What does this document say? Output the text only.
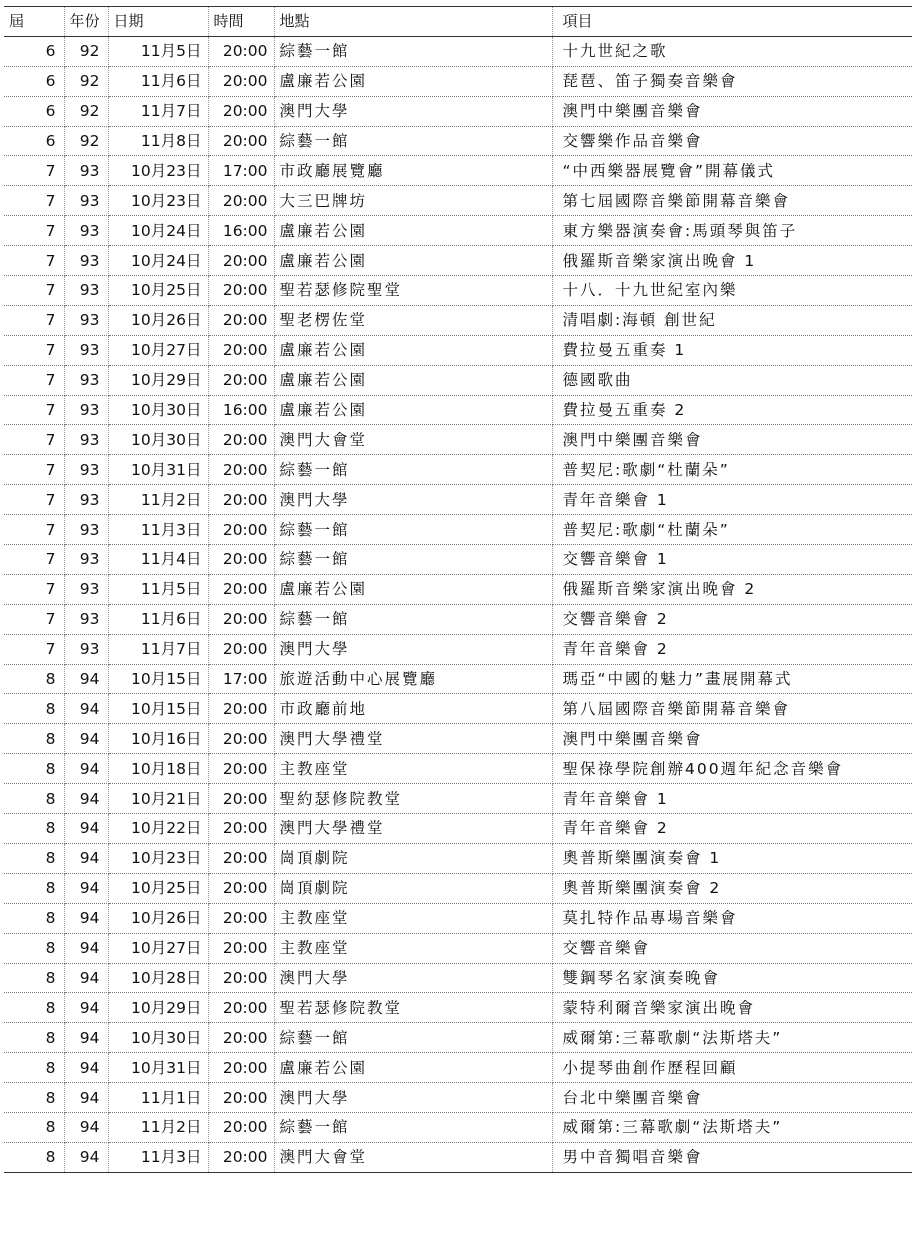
屆	年份	日期	時間	地點	項目
6	92	11月5日	20:00	綜藝一館	十九世紀之歌
6	92	11月6日	20:00	盧廉若公園	琵琶、笛子獨奏音樂會
6	92	11月7日	20:00	澳門大學	澳門中樂團音樂會
6	92	11月8日	20:00	綜藝一館	交響樂作品音樂會
7	93	10月23日	17:00	市政廳展覽廳	“中西樂器展覽會”開幕儀式
7	93	10月23日	20:00	大三巴牌坊	第七屆國際音樂節開幕音樂會
7	93	10月24日	16:00	盧廉若公園	東方樂器演奏會:馬頭琴與笛子
7	93	10月24日	20:00	盧廉若公園	俄羅斯音樂家演出晚會 1
7	93	10月25日	20:00	聖若瑟修院聖堂	十八．十九世紀室內樂
7	93	10月26日	20:00	聖老楞佐堂	清唱劇:海頓 創世紀
7	93	10月27日	20:00	盧廉若公園	費拉曼五重奏 1
7	93	10月29日	20:00	盧廉若公園	德國歌曲
7	93	10月30日	16:00	盧廉若公園	費拉曼五重奏 2
7	93	10月30日	20:00	澳門大會堂	澳門中樂團音樂會
7	93	10月31日	20:00	綜藝一館	普契尼:歌劇“杜蘭朵”
7	93	11月2日	20:00	澳門大學	青年音樂會 1
7	93	11月3日	20:00	綜藝一館	普契尼:歌劇“杜蘭朵”
7	93	11月4日	20:00	綜藝一館	交響音樂會 1
7	93	11月5日	20:00	盧廉若公園	俄羅斯音樂家演出晚會 2
7	93	11月6日	20:00	綜藝一館	交響音樂會 2
7	93	11月7日	20:00	澳門大學	青年音樂會 2
8	94	10月15日	17:00	旅遊活動中心展覽廳	瑪亞“中國的魅力”畫展開幕式
8	94	10月15日	20:00	市政廳前地	第八屆國際音樂節開幕音樂會
8	94	10月16日	20:00	澳門大學禮堂	澳門中樂團音樂會
8	94	10月18日	20:00	主教座堂	聖保祿學院創辦400週年紀念音樂會
8	94	10月21日	20:00	聖約瑟修院教堂	青年音樂會 1
8	94	10月22日	20:00	澳門大學禮堂	青年音樂會 2
8	94	10月23日	20:00	崗頂劇院	奧普斯樂團演奏會 1
8	94	10月25日	20:00	崗頂劇院	奧普斯樂團演奏會 2
8	94	10月26日	20:00	主教座堂	莫扎特作品專場音樂會
8	94	10月27日	20:00	主教座堂	交響音樂會
8	94	10月28日	20:00	澳門大學	雙鋼琴名家演奏晚會
8	94	10月29日	20:00	聖若瑟修院教堂	蒙特利爾音樂家演出晚會
8	94	10月30日	20:00	綜藝一館	威爾第:三幕歌劇“法斯塔夫”
8	94	10月31日	20:00	盧廉若公園	小提琴曲創作歷程回顧
8	94	11月1日	20:00	澳門大學	台北中樂團音樂會
8	94	11月2日	20:00	綜藝一館	威爾第:三幕歌劇“法斯塔夫”
8	94	11月3日	20:00	澳門大會堂	男中音獨唱音樂會
